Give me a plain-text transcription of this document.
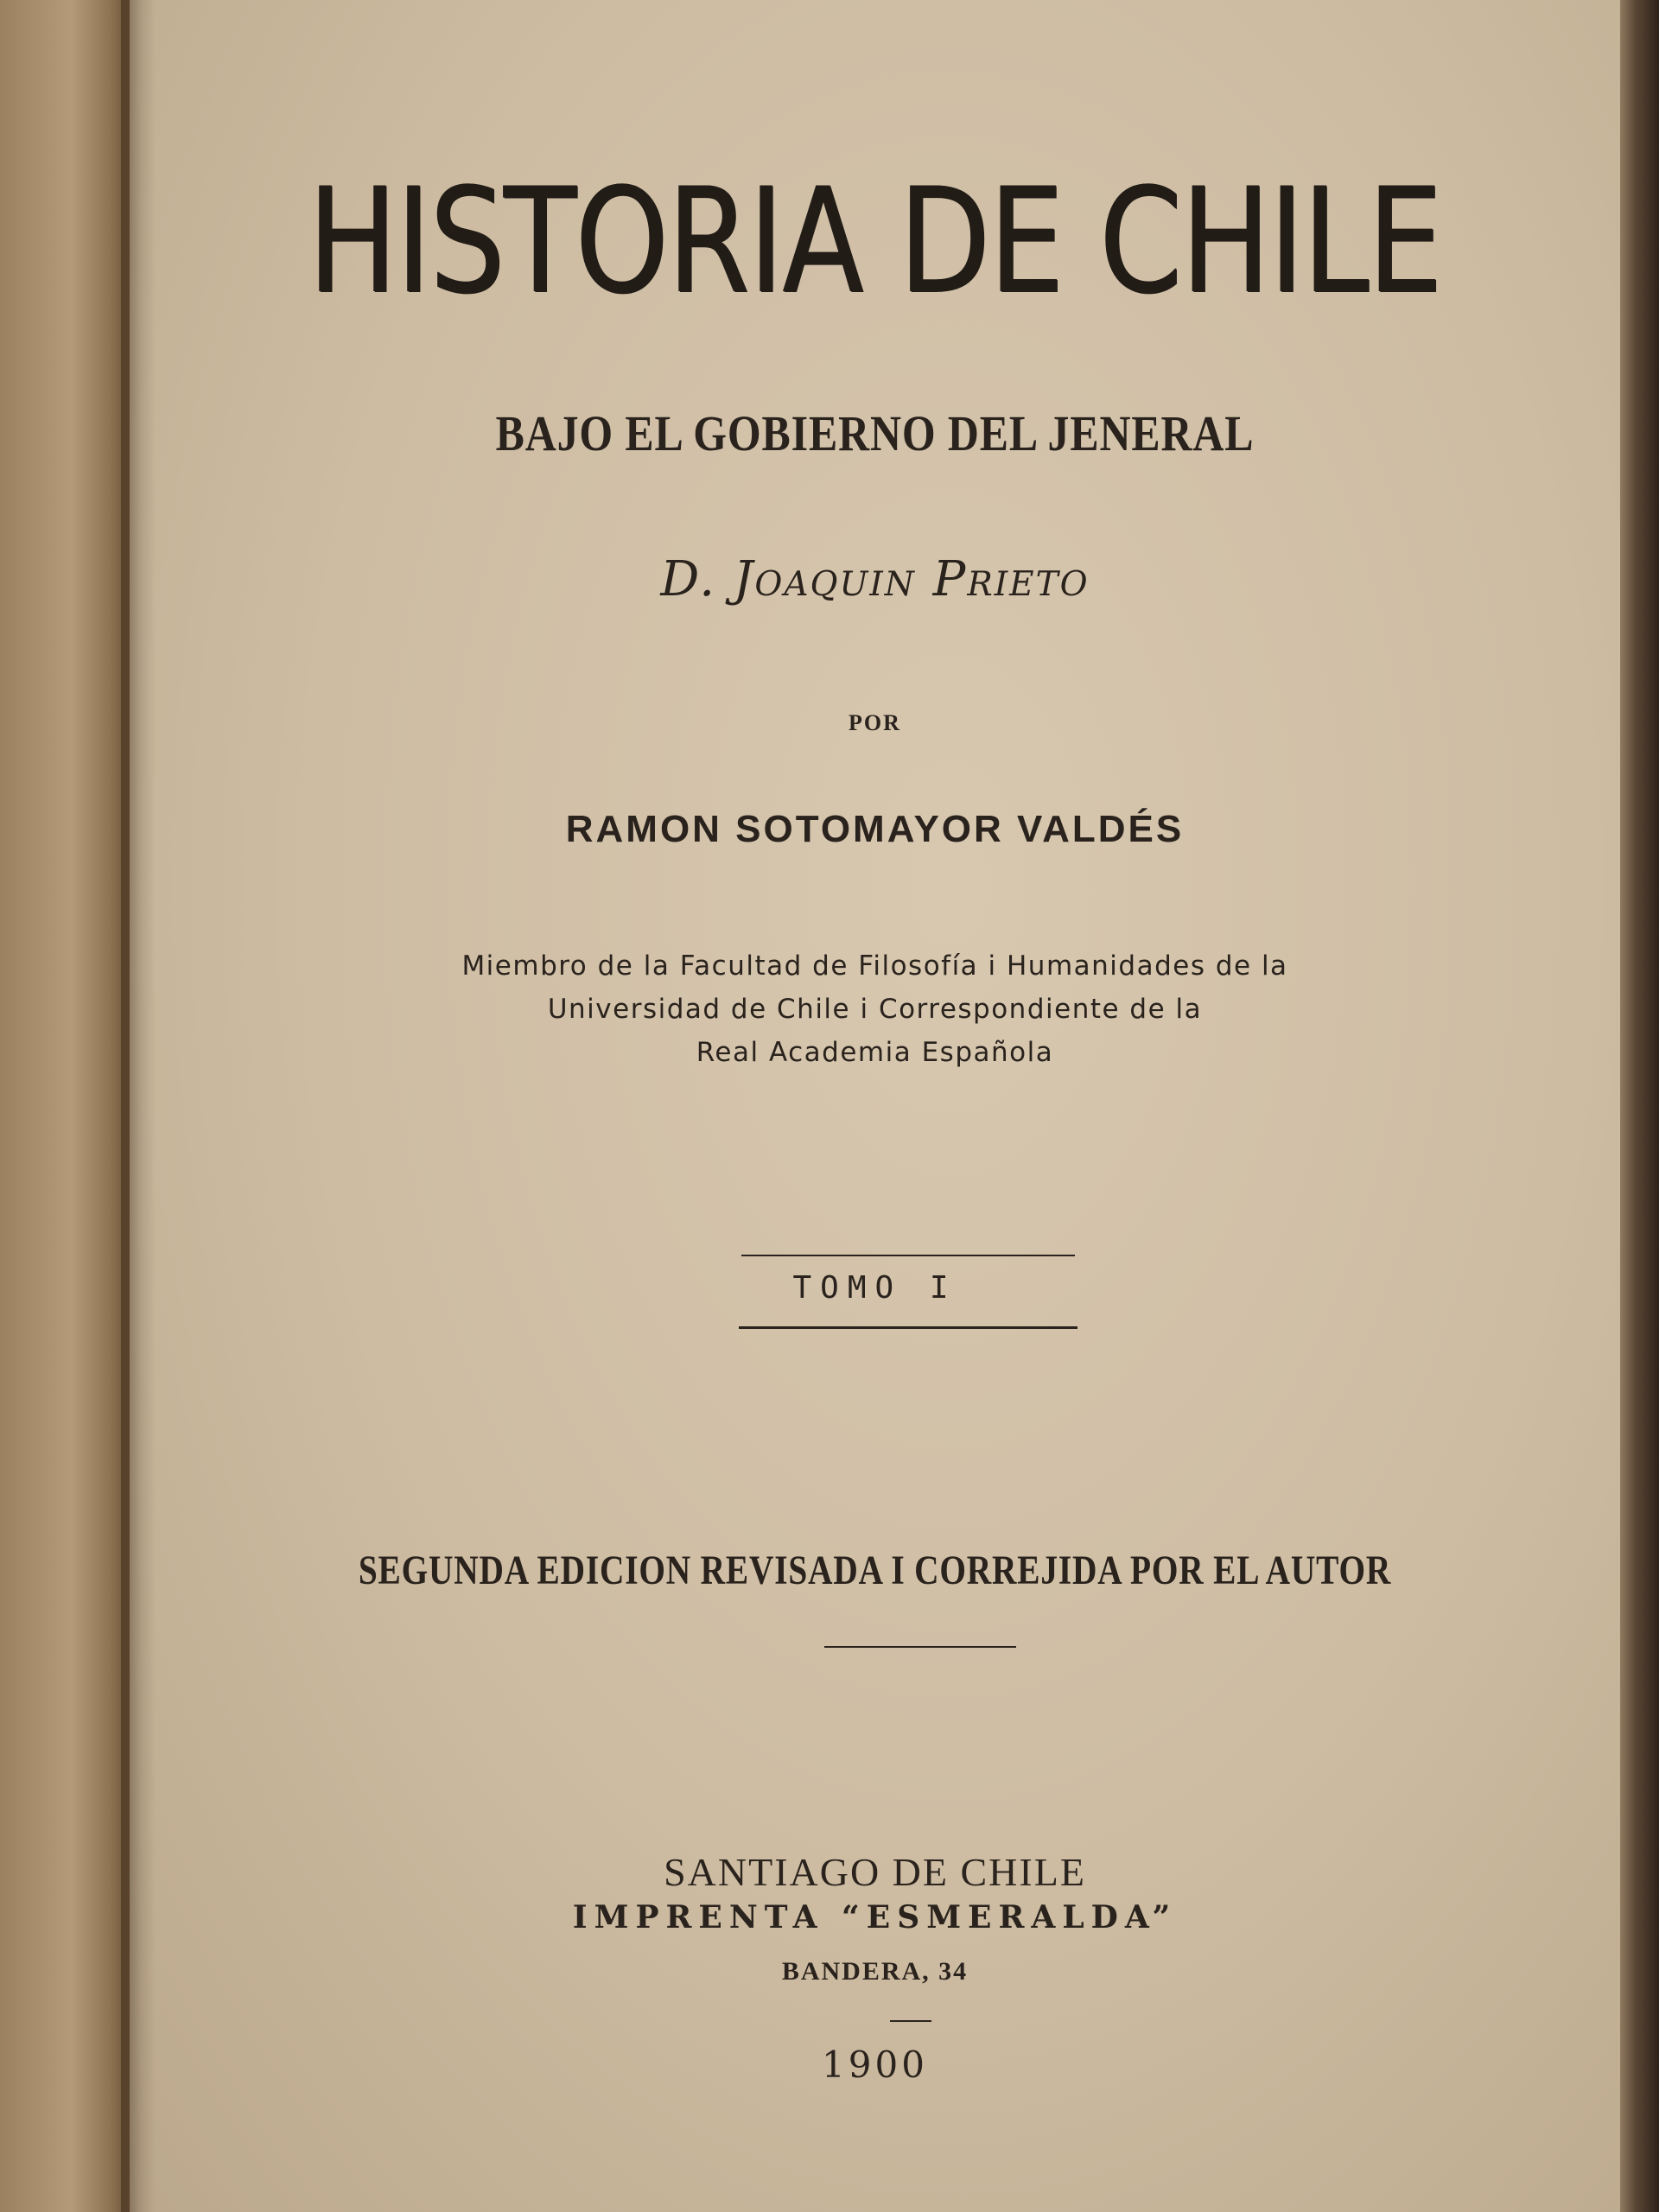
HISTORIA DE CHILE
BAJO EL GOBIERNO DEL JENERAL
D. Joaquin Prieto
POR
RAMON SOTOMAYOR VALDÉS
Miembro de la Facultad de Filosofía i Humanidades de la
Universidad de Chile i Correspondiente de la
Real Academia Española
TOMO I
SEGUNDA EDICION REVISADA I CORREJIDA POR EL AUTOR
SANTIAGO DE CHILE
IMPRENTA “ESMERALDA”
BANDERA, 34
1900
